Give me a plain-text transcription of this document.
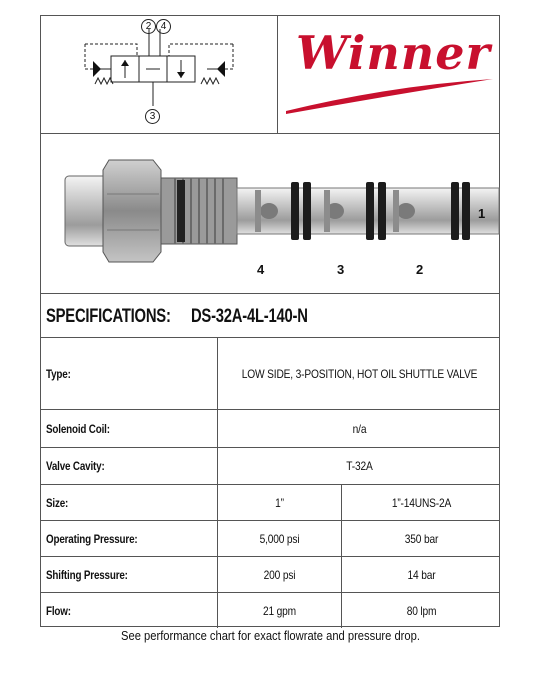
2 4
3
Winner
4	3	2
1
SPECIFICATIONS: DS-32A-4L-140-N
Type:	LOW SIDE, 3-POSITION, HOT OIL SHUTTLE VALVE
Solenoid Coil:	n/a
Valve Cavity:	T-32A
Size:	1”	1”-14UNS-2A
Operating Pressure:	5,000 psi	350 bar
Shifting Pressure:	200 psi	14 bar
Flow:	21 gpm	80 lpm
See performance chart for exact flowrate and pressure drop.
